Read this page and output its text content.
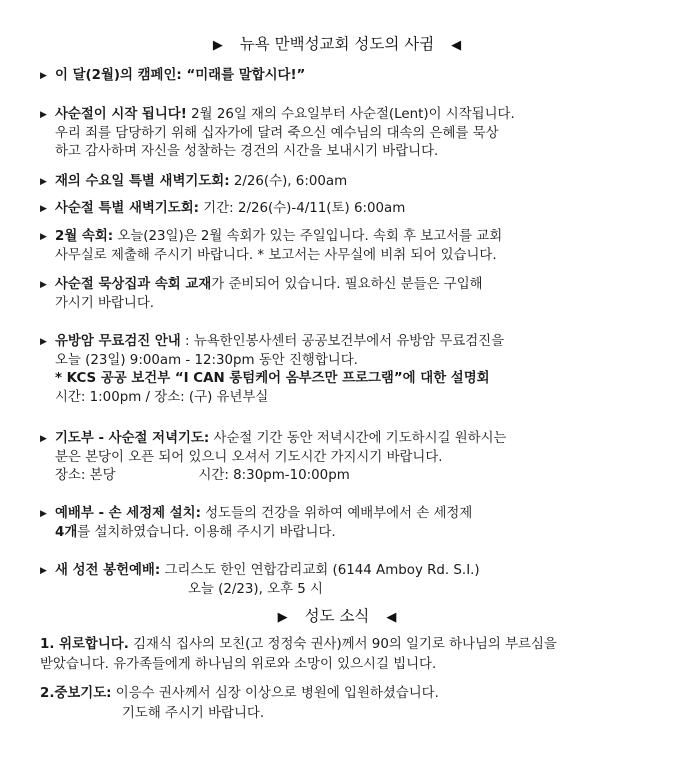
▶ 뉴욕 만백성교회 성도의 사귐 ◀
▶ 이 달(2월)의 캠페인: “미래를 말합시다!”
▶ 사순절이 시작 됩니다! 2월 26일 재의 수요일부터 사순절(Lent)이 시작됩니다.
우리 죄를 담당하기 위해 십자가에 달려 죽으신 예수님의 대속의 은혜를 묵상
하고 감사하며 자신을 성찰하는 경건의 시간을 보내시기 바랍니다.
▶ 재의 수요일 특별 새벽기도회: 2/26(수), 6:00am
▶ 사순절 특별 새벽기도회: 기간: 2/26(수)-4/11(토) 6:00am
▶ 2월 속회: 오늘(23일)은 2월 속회가 있는 주일입니다. 속회 후 보고서를 교회
사무실로 제출해 주시기 바랍니다. * 보고서는 사무실에 비취 되어 있습니다.
▶ 사순절 묵상집과 속회 교재가 준비되어 있습니다. 필요하신 분들은 구입해
가시기 바랍니다.
▶ 유방암 무료검진 안내 : 뉴욕한인봉사센터 공공보건부에서 유방암 무료검진을
오늘 (23일) 9:00am - 12:30pm 동안 진행합니다.
* KCS 공공 보건부 “I CAN 롱텀케어 옴부즈만 프로그램”에 대한 설명회
시간: 1:00pm / 장소: (구) 유년부실
▶ 기도부 - 사순절 저녁기도: 사순절 기간 동안 저녁시간에 기도하시길 원하시는
분은 본당이 오픈 되어 있으니 오셔서 기도시간 가지시기 바랍니다.
장소: 본당	시간: 8:30pm-10:00pm
▶ 예배부 - 손 세정제 설치: 성도들의 건강을 위하여 예배부에서 손 세정제
4개를 설치하였습니다. 이용해 주시기 바랍니다.
▶ 새 성전 봉헌예배: 그리스도 한인 연합감리교회 (6144 Amboy Rd. S.I.)
오늘 (2/23), 오후 5 시
▶ 성도 소식 ◀
1. 위로합니다. 김재식 집사의 모친(고 정정숙 권사)께서 90의 일기로 하나님의 부르심을
받았습니다. 유가족들에게 하나님의 위로와 소망이 있으시길 빕니다.
2.중보기도: 이응수 권사께서 심장 이상으로 병원에 입원하셨습니다.
기도해 주시기 바랍니다.
